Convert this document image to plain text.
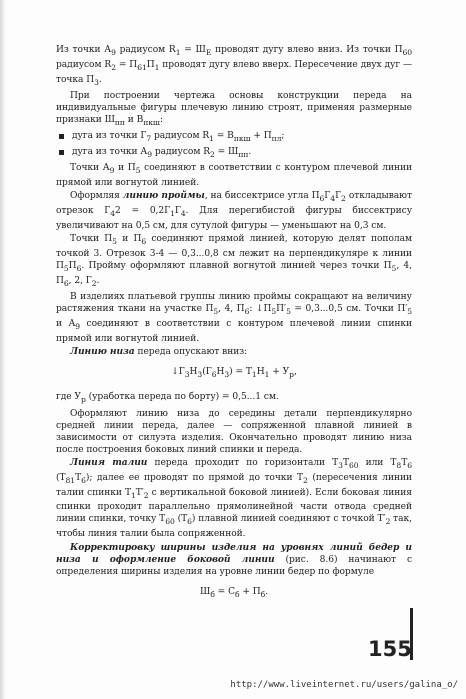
Из точки $А_9$ радиусом $R_1 = Ш_Е$ проводят дугу влево вниз. Из точки $П_{60}$ радиусом $R_2 = П_{61}П_1$ проводят дугу влево вверх. Пересечение двух дуг — точка $П_3$.

При построении чертежа основы конструкции переда на индивидуальные фигуры плечевую линию строят, применяя размерные признаки $Ш_{пп}$ и $В_{пкш}$:

дуга из точки $Г_7$ радиусом $R_1 = В_{пкш} + П_{пл}$;
дуга из точки $А_9$ радиусом $R_2 = Ш_{пп}$.

Точки $А_9$ и $П_5$ соединяют в соответствии с контуром плечевой линии прямой или вогнутой линией.

Оформляя линию проймы, на биссектрисе угла $П_6Г_4Г_2$ откладывают отрезок $Г_42 = 0,2Г_1Г_4$. Для перегибистой фигуры биссектрису увеличивают на 0,5 см, для сутулой фигуры — уменьшают на 0,3 см.

Точки $П_5$ и $П_6$ соединяют прямой линией, которую делят пополам точкой 3. Отрезок 3-4 — 0,3...0,8 см лежит на перпендикуляре к линии $П_5П_6$. Пройму оформляют плавной вогнутой линией через точки $П_5$, 4, $П_6$, 2, $Г_2$.

В изделиях платьевой группы линию проймы сокращают на величину растяжения ткани на участке $П_5$, 4, $П_6$: $↓П_5П'_5 = 0,3...0,5$ см. Точки $П'_5$ и $А_9$ соединяют в соответствии с контуром плечевой линии спинки прямой или вогнутой линией.

Линию низа переда опускают вниз:

$↓Г_3Н_3(Г_6Н_3) = Т_1Н_1 + У_р$,

где $У_р$ (уработка переда по борту) = 0,5...1 см.

Оформляют линию низа до середины детали перпендикулярно средней линии переда, далее — сопряженной плавной линией в зависимости от силуэта изделия. Окончательно проводят линию низа после построения боковых линий спинки и переда.

Линия талии переда проходит по горизонтали $Т_3Т_{60}$ или $Т_8Т_6$ $(Т_{81}Т_6)$; далее ее проводят по прямой до точки $Т_2$ (пересечения линии талии спинки $Т_1Т'_2$ с вертикальной боковой линией). Если боковая линия спинки проходит параллельно прямолинейной части отвода средней линии спинки, точку $Т_{60}$ $(Т_6)$ плавной линией соединяют с точкой $Т'_2$ так, чтобы линия талии была сопряженной.

Корректировку ширины изделия на уровнях линий бедер и низа и оформление боковой линии (рис. 8.6) начинают с определения ширины изделия на уровне линии бедер по формуле

$Ш_б = С_б + П_б$.
155
http://www.liveinternet.ru/users/galina_o/
